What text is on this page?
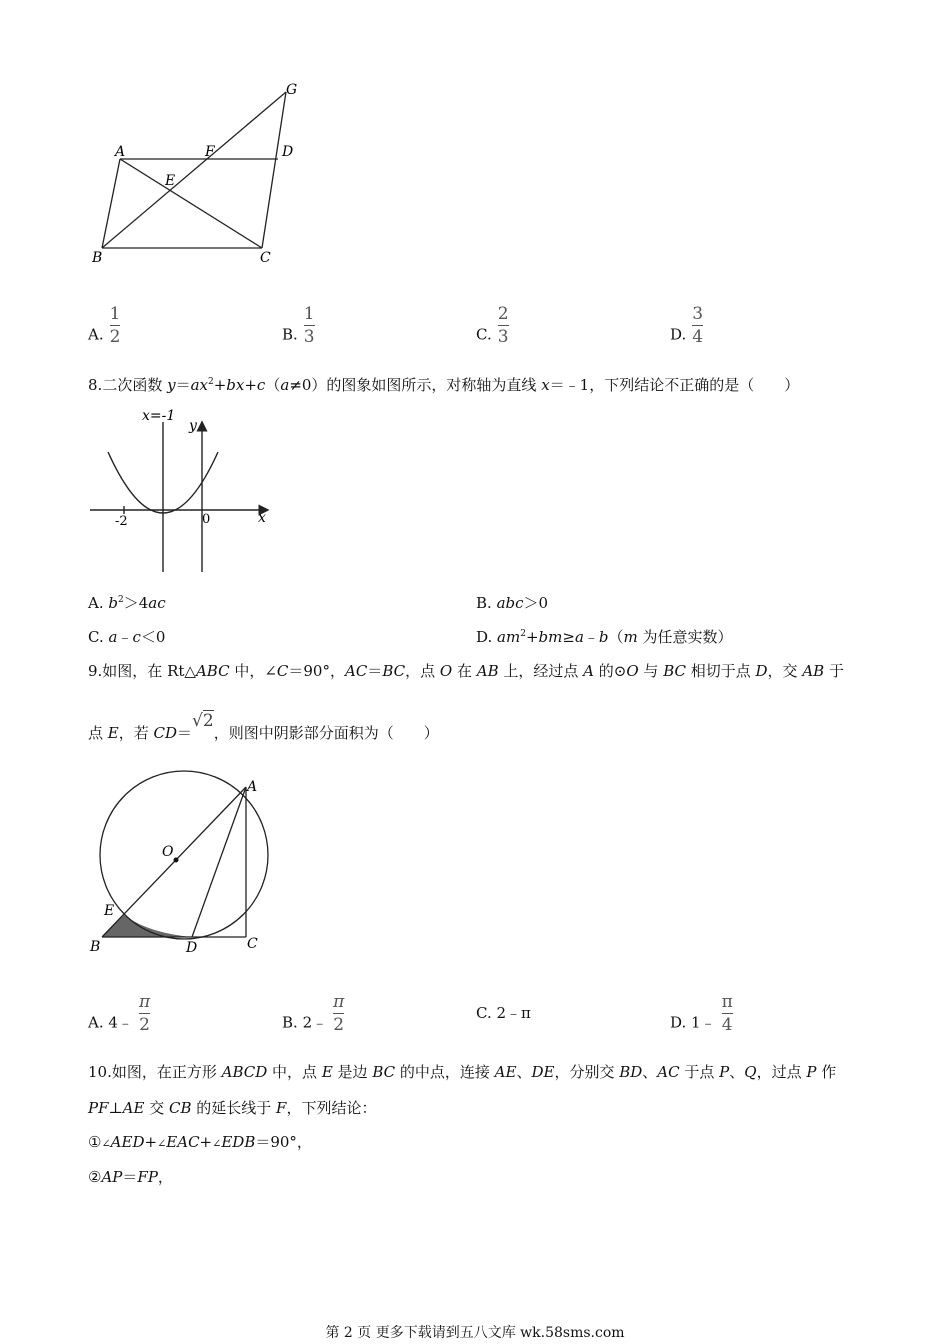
G
A	F	D
E
B	C
A. $\frac{1}{2}$	B. $\frac{1}{3}$	C. $\frac{2}{3}$	D. $\frac{3}{4}$
8.二次函数 $y=ax^2+bx+c(a\ne 0)$的图象如图所示，对称轴为直线 x＝﹣1，下列结论不正确的是（　　）
x=-1
y
x
-2	0
A. $b^2>4ac$	B. abc＞0
C. a﹣c＜0	D. $am^2+bm\ge a﹣b(m$ 为任意实数）
9.如图，在 Rt△ABC 中，∠C＝90°，AC＝BC，点 O 在 AB 上，经过点 A 的⊙O 与 BC 相切于点 D，交 AB 于
点 E，若 CD＝√2，则图中阴影部分面积为（　　）
A
O
E
B	D	C
A. 4﹣ $\frac{\pi}{2}$	B. 2﹣ $\frac{\pi}{2}$	C. 2﹣π
D. 1﹣ $\frac{\pi}{4}$
10.如图，在正方形 ABCD 中，点 E 是边 BC 的中点，连接 AE、DE，分别交 BD、AC 于点 P、Q，过点 P 作
PF⊥AE 交 CB 的延长线于 F，下列结论：
①∠AED+∠EAC+∠EDB＝90°，
②AP＝FP，
第 2 页 更多下载请到五八文库 wk.58sms.com
